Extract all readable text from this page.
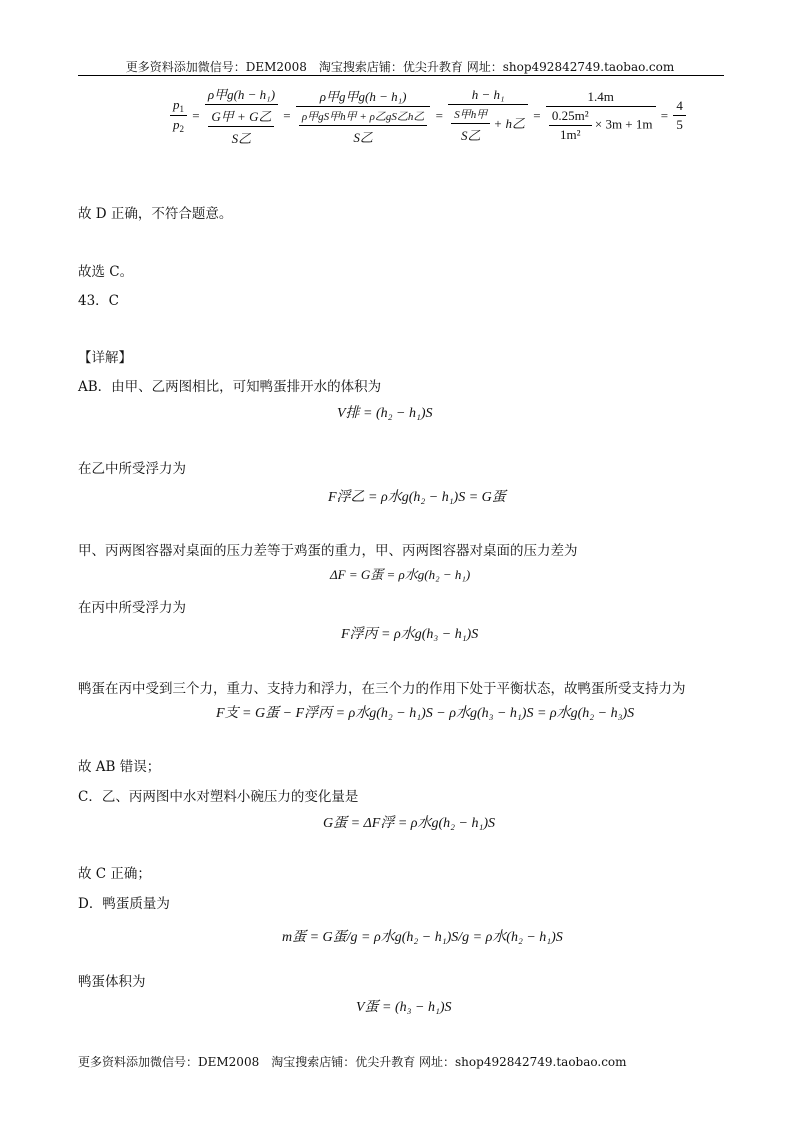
更多资料添加微信号：DEM2008　淘宝搜索店铺：优尖升教育 网址：shop492842749.taobao.com
$\frac{p_1}{p_2} = \frac{\text{ρ甲g(h − h₁)}}{\frac{\text{G甲 + G乙}}{\text{S乙}}} = \frac{\text{ρ甲g甲g(h − h₁)}}{\frac{\text{ρ甲gS甲h甲 + ρ乙gS乙h乙}}{\text{S乙}}} = \frac{\text{h − h₁}}{\frac{\text{S甲h甲}}{\text{S乙}} + h乙} = \frac{1.4m}{\frac{\text{0.25m²}}{\text{1m²}} \times 3m + 1m} = \frac{4}{5}$
故 D 正确，不符合题意。
故选 C。
43．C
【详解】
AB．由甲、乙两图相比，可知鸭蛋排开水的体积为
V排 = (h₂ − h₁)S
在乙中所受浮力为
F浮乙 = ρ水g(h₂ − h₁)S = G蛋
甲、丙两图容器对桌面的压力差等于鸡蛋的重力，甲、丙两图容器对桌面的压力差为
ΔF = G蛋 = ρ水g(h₂ − h₁)
在丙中所受浮力为
F浮丙 = ρ水g(h₃ − h₁)S
鸭蛋在丙中受到三个力，重力、支持力和浮力，在三个力的作用下处于平衡状态，故鸭蛋所受支持力为
F支 = G蛋 − F浮丙 = ρ水g(h₂ − h₁)S − ρ水g(h₃ − h₁)S = ρ水g(h₂ − h₃)S
故 AB 错误；
C．乙、丙两图中水对塑料小碗压力的变化量是
G蛋 = ΔF浮 = ρ水g(h₂ − h₁)S
故 C 正确；
D．鸭蛋质量为
m蛋 = G蛋/g = ρ水g(h₂ − h₁)S/g = ρ水(h₂ − h₁)S
鸭蛋体积为
V蛋 = (h₃ − h₁)S
更多资料添加微信号：DEM2008　淘宝搜索店铺：优尖升教育 网址：shop492842749.taobao.com
